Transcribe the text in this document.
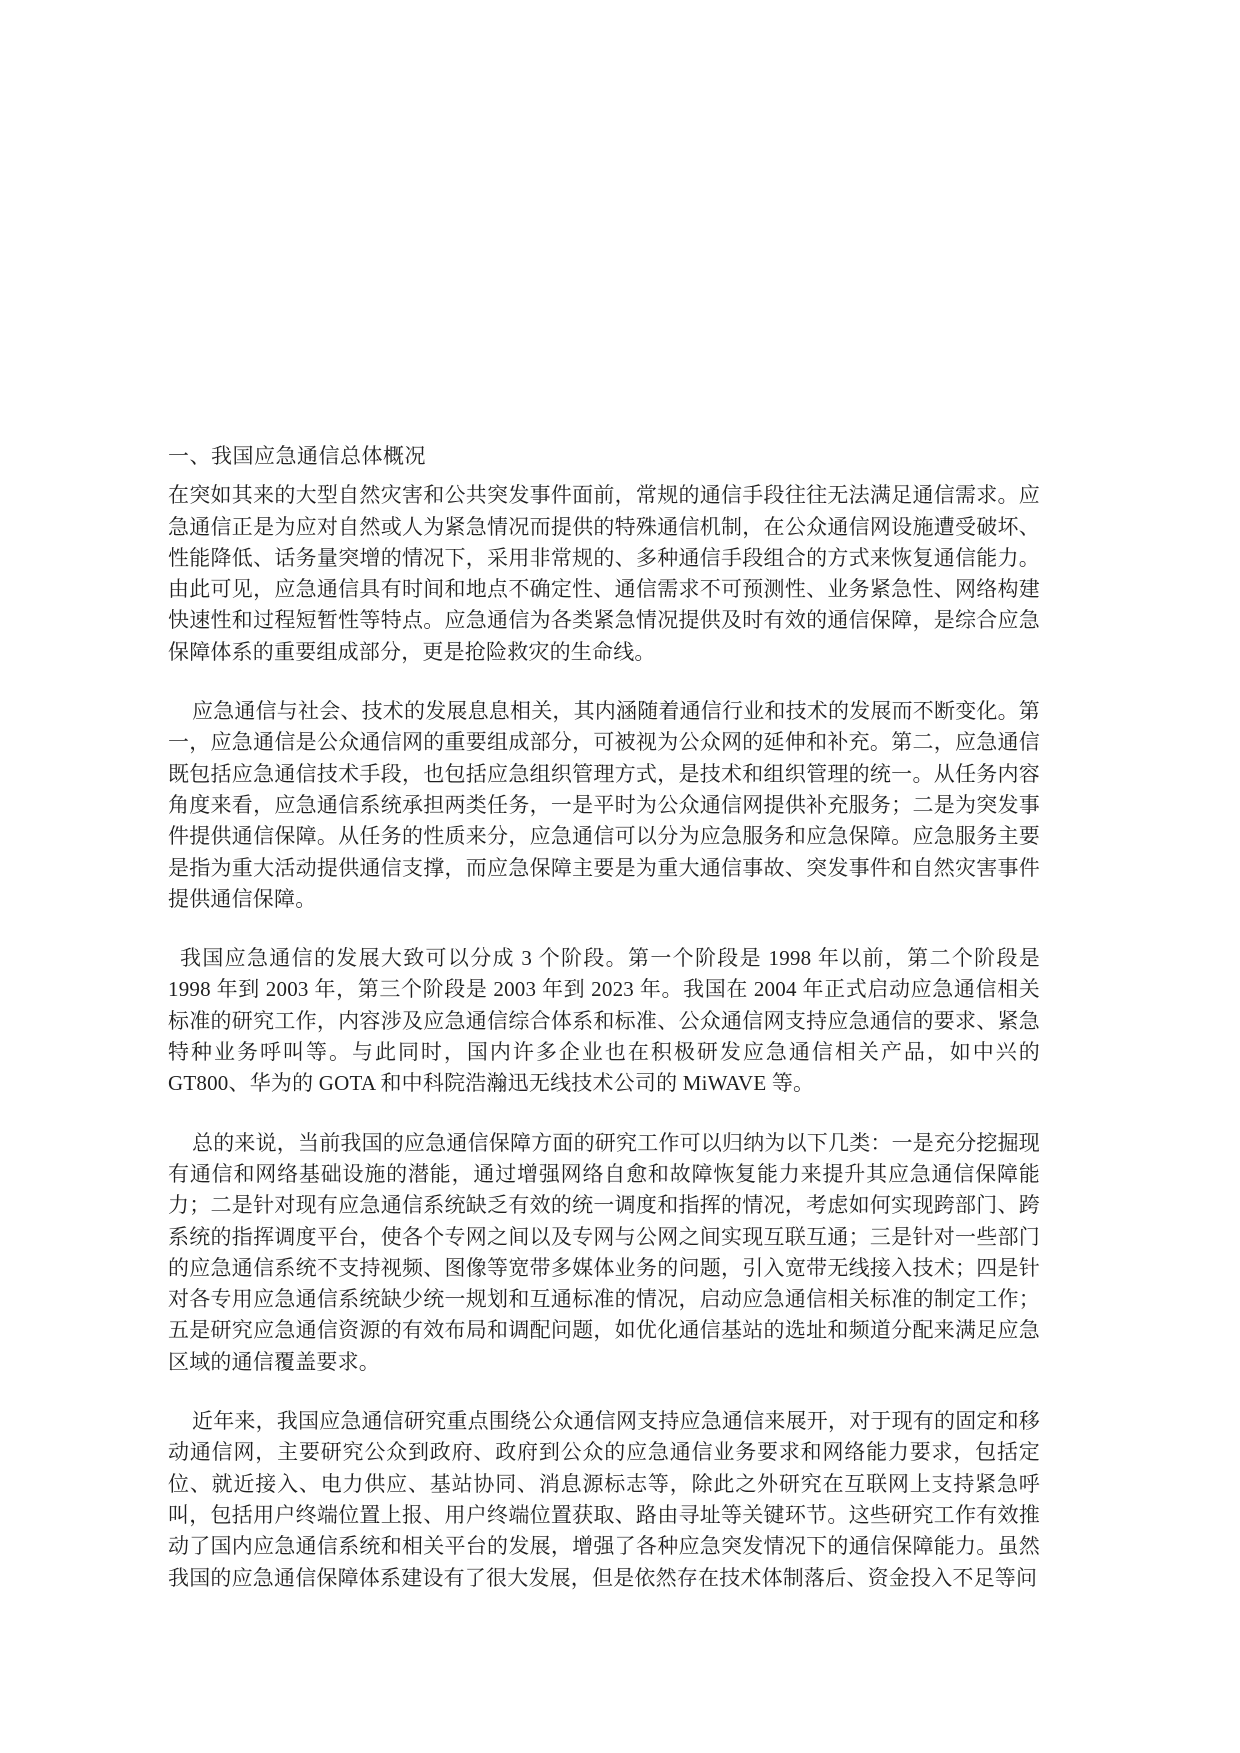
一、我国应急通信总体概况

在突如其来的大型自然灾害和公共突发事件面前，常规的通信手段往往无法满足通信需求。应急通信正是为应对自然或人为紧急情况而提供的特殊通信机制，在公众通信网设施遭受破坏、性能降低、话务量突增的情况下，采用非常规的、多种通信手段组合的方式来恢复通信能力。由此可见，应急通信具有时间和地点不确定性、通信需求不可预测性、业务紧急性、网络构建快速性和过程短暂性等特点。应急通信为各类紧急情况提供及时有效的通信保障，是综合应急保障体系的重要组成部分，更是抢险救灾的生命线。

应急通信与社会、技术的发展息息相关，其内涵随着通信行业和技术的发展而不断变化。第一，应急通信是公众通信网的重要组成部分，可被视为公众网的延伸和补充。第二，应急通信既包括应急通信技术手段，也包括应急组织管理方式，是技术和组织管理的统一。从任务内容角度来看，应急通信系统承担两类任务，一是平时为公众通信网提供补充服务；二是为突发事件提供通信保障。从任务的性质来分，应急通信可以分为应急服务和应急保障。应急服务主要是指为重大活动提供通信支撑，而应急保障主要是为重大通信事故、突发事件和自然灾害事件提供通信保障。

我国应急通信的发展大致可以分成 3 个阶段。第一个阶段是 1998 年以前，第二个阶段是 1998 年到 2003 年，第三个阶段是 2003 年到 2023 年。我国在 2004 年正式启动应急通信相关标准的研究工作，内容涉及应急通信综合体系和标准、公众通信网支持应急通信的要求、紧急特种业务呼叫等。与此同时，国内许多企业也在积极研发应急通信相关产品，如中兴的 GT800、华为的 GOTA 和中科院浩瀚迅无线技术公司的 MiWAVE 等。

总的来说，当前我国的应急通信保障方面的研究工作可以归纳为以下几类：一是充分挖掘现有通信和网络基础设施的潜能，通过增强网络自愈和故障恢复能力来提升其应急通信保障能力；二是针对现有应急通信系统缺乏有效的统一调度和指挥的情况，考虑如何实现跨部门、跨系统的指挥调度平台，使各个专网之间以及专网与公网之间实现互联互通；三是针对一些部门的应急通信系统不支持视频、图像等宽带多媒体业务的问题，引入宽带无线接入技术；四是针对各专用应急通信系统缺少统一规划和互通标准的情况，启动应急通信相关标准的制定工作；五是研究应急通信资源的有效布局和调配问题，如优化通信基站的选址和频道分配来满足应急区域的通信覆盖要求。

近年来，我国应急通信研究重点围绕公众通信网支持应急通信来展开，对于现有的固定和移动通信网，主要研究公众到政府、政府到公众的应急通信业务要求和网络能力要求，包括定位、就近接入、电力供应、基站协同、消息源标志等，除此之外研究在互联网上支持紧急呼叫，包括用户终端位置上报、用户终端位置获取、路由寻址等关键环节。这些研究工作有效推动了国内应急通信系统和相关平台的发展，增强了各种应急突发情况下的通信保障能力。虽然我国的应急通信保障体系建设有了很大发展，但是依然存在技术体制落后、资金投入不足等问
